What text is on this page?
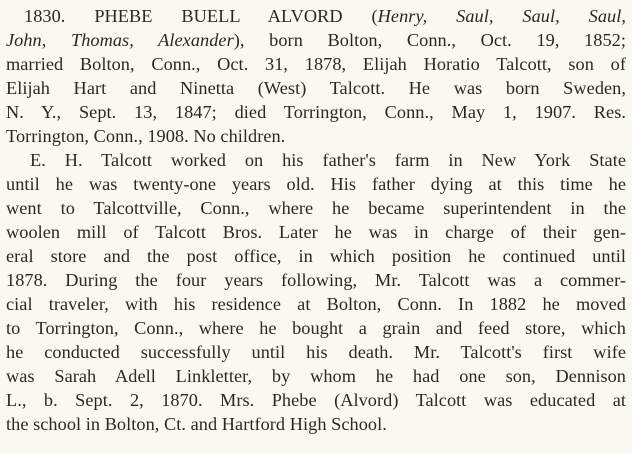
1830. PHEBE BUELL ALVORD (Henry, Saul, Saul, Saul,
John, Thomas, Alexander), born Bolton, Conn., Oct. 19, 1852;
married Bolton, Conn., Oct. 31, 1878, Elijah Horatio Talcott, son of
Elijah Hart and Ninetta (West) Talcott. He was born Sweden,
N. Y., Sept. 13, 1847; died Torrington, Conn., May 1, 1907. Res.
Torrington, Conn., 1908. No children.
E. H. Talcott worked on his father's farm in New York State
until he was twenty-one years old. His father dying at this time he
went to Talcottville, Conn., where he became superintendent in the
woolen mill of Talcott Bros. Later he was in charge of their gen-
eral store and the post office, in which position he continued until
1878. During the four years following, Mr. Talcott was a commer-
cial traveler, with his residence at Bolton, Conn. In 1882 he moved
to Torrington, Conn., where he bought a grain and feed store, which
he conducted successfully until his death. Mr. Talcott's first wife
was Sarah Adell Linkletter, by whom he had one son, Dennison
L., b. Sept. 2, 1870. Mrs. Phebe (Alvord) Talcott was educated at
the school in Bolton, Ct. and Hartford High School.
